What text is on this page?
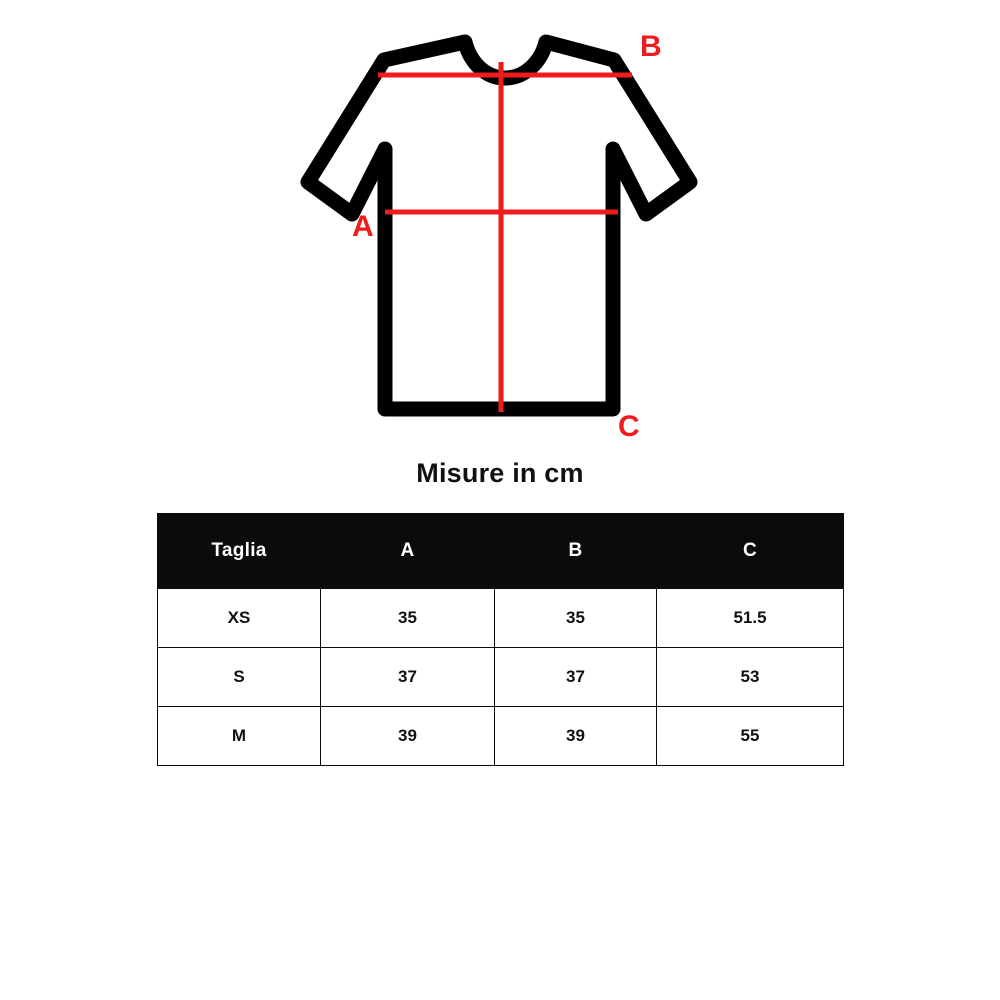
B
A
C
Misure in cm
Taglia	A	B	C
XS	35	35	51.5
S	37	37	53
M	39	39	55
